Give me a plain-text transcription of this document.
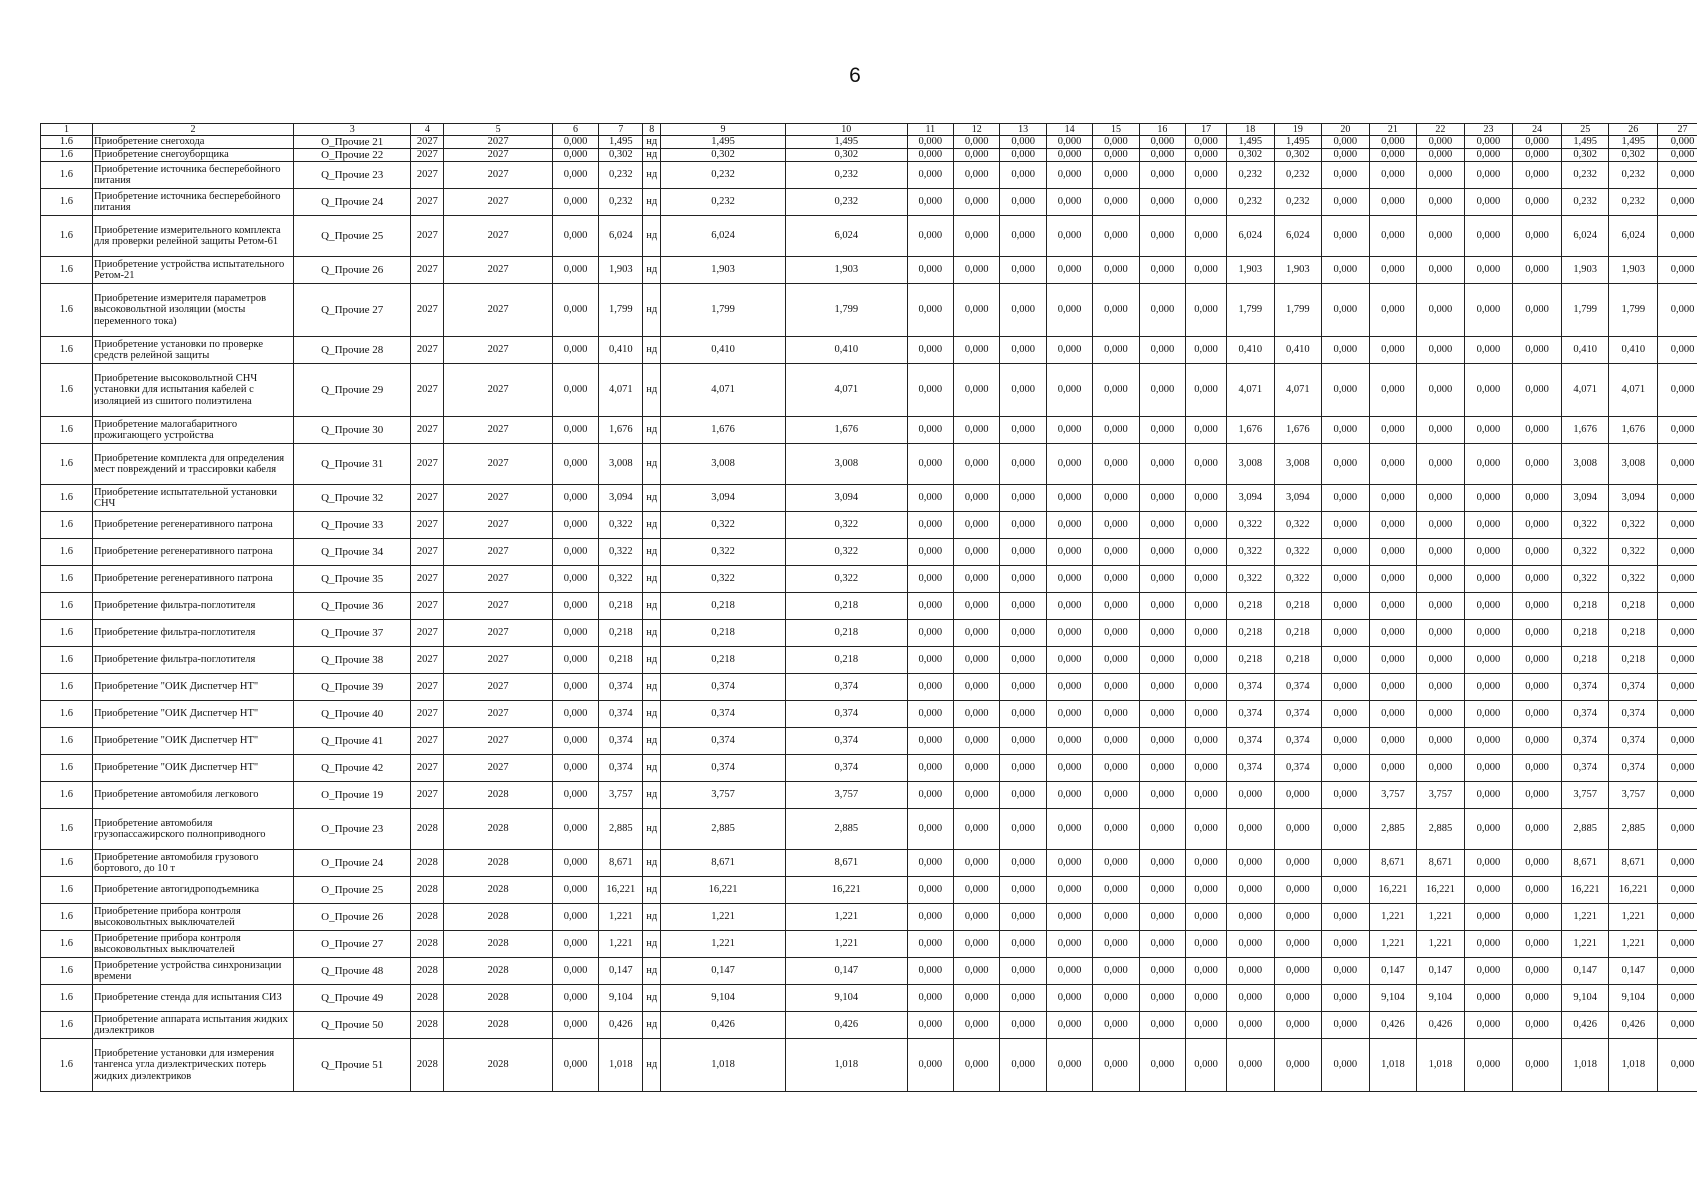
6
1	2	3	4	5	6	7	8	9	10	11	12	13	14	15	16	17	18	19	20	21	22	23	24	25	26	27
1.6	Приобретение снегохода	О_Прочие 21	2027	2027	0,000	1,495	нд	1,495	1,495	0,000	0,000	0,000	0,000	0,000	0,000	0,000	1,495	1,495	0,000	0,000	0,000	0,000	0,000	1,495	1,495	0,000
1.6	Приобретение снегоуборщика	О_Прочие 22	2027	2027	0,000	0,302	нд	0,302	0,302	0,000	0,000	0,000	0,000	0,000	0,000	0,000	0,302	0,302	0,000	0,000	0,000	0,000	0,000	0,302	0,302	0,000
1.6	Приобретение источника бесперебойного питания	Q_Прочие 23	2027	2027	0,000	0,232	нд	0,232	0,232	0,000	0,000	0,000	0,000	0,000	0,000	0,000	0,232	0,232	0,000	0,000	0,000	0,000	0,000	0,232	0,232	0,000
1.6	Приобретение источника бесперебойного питания	Q_Прочие 24	2027	2027	0,000	0,232	нд	0,232	0,232	0,000	0,000	0,000	0,000	0,000	0,000	0,000	0,232	0,232	0,000	0,000	0,000	0,000	0,000	0,232	0,232	0,000
1.6	Приобретение измерительного комплекта для проверки релейной защиты Ретом-61	Q_Прочие 25	2027	2027	0,000	6,024	нд	6,024	6,024	0,000	0,000	0,000	0,000	0,000	0,000	0,000	6,024	6,024	0,000	0,000	0,000	0,000	0,000	6,024	6,024	0,000
1.6	Приобретение устройства испытательного Ретом-21	Q_Прочие 26	2027	2027	0,000	1,903	нд	1,903	1,903	0,000	0,000	0,000	0,000	0,000	0,000	0,000	1,903	1,903	0,000	0,000	0,000	0,000	0,000	1,903	1,903	0,000
1.6	Приобретение измерителя параметров высоковольтной изоляции (мосты переменного тока)	Q_Прочие 27	2027	2027	0,000	1,799	нд	1,799	1,799	0,000	0,000	0,000	0,000	0,000	0,000	0,000	1,799	1,799	0,000	0,000	0,000	0,000	0,000	1,799	1,799	0,000
1.6	Приобретение установки по проверке средств релейной защиты	Q_Прочие 28	2027	2027	0,000	0,410	нд	0,410	0,410	0,000	0,000	0,000	0,000	0,000	0,000	0,000	0,410	0,410	0,000	0,000	0,000	0,000	0,000	0,410	0,410	0,000
1.6	Приобретение высоковольтной СНЧ установки для испытания кабелей с изоляцией из сшитого полиэтилена	Q_Прочие 29	2027	2027	0,000	4,071	нд	4,071	4,071	0,000	0,000	0,000	0,000	0,000	0,000	0,000	4,071	4,071	0,000	0,000	0,000	0,000	0,000	4,071	4,071	0,000
1.6	Приобретение малогабаритного прожигающего устройства	Q_Прочие 30	2027	2027	0,000	1,676	нд	1,676	1,676	0,000	0,000	0,000	0,000	0,000	0,000	0,000	1,676	1,676	0,000	0,000	0,000	0,000	0,000	1,676	1,676	0,000
1.6	Приобретение комплекта для определения мест повреждений и трассировки кабеля	Q_Прочие 31	2027	2027	0,000	3,008	нд	3,008	3,008	0,000	0,000	0,000	0,000	0,000	0,000	0,000	3,008	3,008	0,000	0,000	0,000	0,000	0,000	3,008	3,008	0,000
1.6	Приобретение испытательной установки СНЧ	Q_Прочие 32	2027	2027	0,000	3,094	нд	3,094	3,094	0,000	0,000	0,000	0,000	0,000	0,000	0,000	3,094	3,094	0,000	0,000	0,000	0,000	0,000	3,094	3,094	0,000
1.6	Приобретение регенеративного патрона	Q_Прочие 33	2027	2027	0,000	0,322	нд	0,322	0,322	0,000	0,000	0,000	0,000	0,000	0,000	0,000	0,322	0,322	0,000	0,000	0,000	0,000	0,000	0,322	0,322	0,000
1.6	Приобретение регенеративного патрона	Q_Прочие 34	2027	2027	0,000	0,322	нд	0,322	0,322	0,000	0,000	0,000	0,000	0,000	0,000	0,000	0,322	0,322	0,000	0,000	0,000	0,000	0,000	0,322	0,322	0,000
1.6	Приобретение регенеративного патрона	Q_Прочие 35	2027	2027	0,000	0,322	нд	0,322	0,322	0,000	0,000	0,000	0,000	0,000	0,000	0,000	0,322	0,322	0,000	0,000	0,000	0,000	0,000	0,322	0,322	0,000
1.6	Приобретение фильтра-поглотителя	Q_Прочие 36	2027	2027	0,000	0,218	нд	0,218	0,218	0,000	0,000	0,000	0,000	0,000	0,000	0,000	0,218	0,218	0,000	0,000	0,000	0,000	0,000	0,218	0,218	0,000
1.6	Приобретение фильтра-поглотителя	Q_Прочие 37	2027	2027	0,000	0,218	нд	0,218	0,218	0,000	0,000	0,000	0,000	0,000	0,000	0,000	0,218	0,218	0,000	0,000	0,000	0,000	0,000	0,218	0,218	0,000
1.6	Приобретение фильтра-поглотителя	Q_Прочие 38	2027	2027	0,000	0,218	нд	0,218	0,218	0,000	0,000	0,000	0,000	0,000	0,000	0,000	0,218	0,218	0,000	0,000	0,000	0,000	0,000	0,218	0,218	0,000
1.6	Приобретение "ОИК Диспетчер НТ"	Q_Прочие 39	2027	2027	0,000	0,374	нд	0,374	0,374	0,000	0,000	0,000	0,000	0,000	0,000	0,000	0,374	0,374	0,000	0,000	0,000	0,000	0,000	0,374	0,374	0,000
1.6	Приобретение "ОИК Диспетчер НТ"	Q_Прочие 40	2027	2027	0,000	0,374	нд	0,374	0,374	0,000	0,000	0,000	0,000	0,000	0,000	0,000	0,374	0,374	0,000	0,000	0,000	0,000	0,000	0,374	0,374	0,000
1.6	Приобретение "ОИК Диспетчер НТ"	Q_Прочие 41	2027	2027	0,000	0,374	нд	0,374	0,374	0,000	0,000	0,000	0,000	0,000	0,000	0,000	0,374	0,374	0,000	0,000	0,000	0,000	0,000	0,374	0,374	0,000
1.6	Приобретение "ОИК Диспетчер НТ"	Q_Прочие 42	2027	2027	0,000	0,374	нд	0,374	0,374	0,000	0,000	0,000	0,000	0,000	0,000	0,000	0,374	0,374	0,000	0,000	0,000	0,000	0,000	0,374	0,374	0,000
1.6	Приобретение автомобиля легкового	О_Прочие 19	2027	2028	0,000	3,757	нд	3,757	3,757	0,000	0,000	0,000	0,000	0,000	0,000	0,000	0,000	0,000	0,000	3,757	3,757	0,000	0,000	3,757	3,757	0,000
1.6	Приобретение автомобиля грузопассажирского полноприводного	О_Прочие 23	2028	2028	0,000	2,885	нд	2,885	2,885	0,000	0,000	0,000	0,000	0,000	0,000	0,000	0,000	0,000	0,000	2,885	2,885	0,000	0,000	2,885	2,885	0,000
1.6	Приобретение автомобиля грузового бортового, до 10 т	О_Прочие 24	2028	2028	0,000	8,671	нд	8,671	8,671	0,000	0,000	0,000	0,000	0,000	0,000	0,000	0,000	0,000	0,000	8,671	8,671	0,000	0,000	8,671	8,671	0,000
1.6	Приобретение автогидроподъемника	О_Прочие 25	2028	2028	0,000	16,221	нд	16,221	16,221	0,000	0,000	0,000	0,000	0,000	0,000	0,000	0,000	0,000	0,000	16,221	16,221	0,000	0,000	16,221	16,221	0,000
1.6	Приобретение прибора контроля высоковольтных выключателей	О_Прочие 26	2028	2028	0,000	1,221	нд	1,221	1,221	0,000	0,000	0,000	0,000	0,000	0,000	0,000	0,000	0,000	0,000	1,221	1,221	0,000	0,000	1,221	1,221	0,000
1.6	Приобретение прибора контроля высоковольтных выключателей	О_Прочие 27	2028	2028	0,000	1,221	нд	1,221	1,221	0,000	0,000	0,000	0,000	0,000	0,000	0,000	0,000	0,000	0,000	1,221	1,221	0,000	0,000	1,221	1,221	0,000
1.6	Приобретение устройства синхронизации времени	Q_Прочие 48	2028	2028	0,000	0,147	нд	0,147	0,147	0,000	0,000	0,000	0,000	0,000	0,000	0,000	0,000	0,000	0,000	0,147	0,147	0,000	0,000	0,147	0,147	0,000
1.6	Приобретение стенда для испытания СИЗ	Q_Прочие 49	2028	2028	0,000	9,104	нд	9,104	9,104	0,000	0,000	0,000	0,000	0,000	0,000	0,000	0,000	0,000	0,000	9,104	9,104	0,000	0,000	9,104	9,104	0,000
1.6	Приобретение аппарата испытания жидких диэлектриков	Q_Прочие 50	2028	2028	0,000	0,426	нд	0,426	0,426	0,000	0,000	0,000	0,000	0,000	0,000	0,000	0,000	0,000	0,000	0,426	0,426	0,000	0,000	0,426	0,426	0,000
1.6	Приобретение установки для измерения тангенса угла диэлектрических потерь жидких диэлектриков	Q_Прочие 51	2028	2028	0,000	1,018	нд	1,018	1,018	0,000	0,000	0,000	0,000	0,000	0,000	0,000	0,000	0,000	0,000	1,018	1,018	0,000	0,000	1,018	1,018	0,000
